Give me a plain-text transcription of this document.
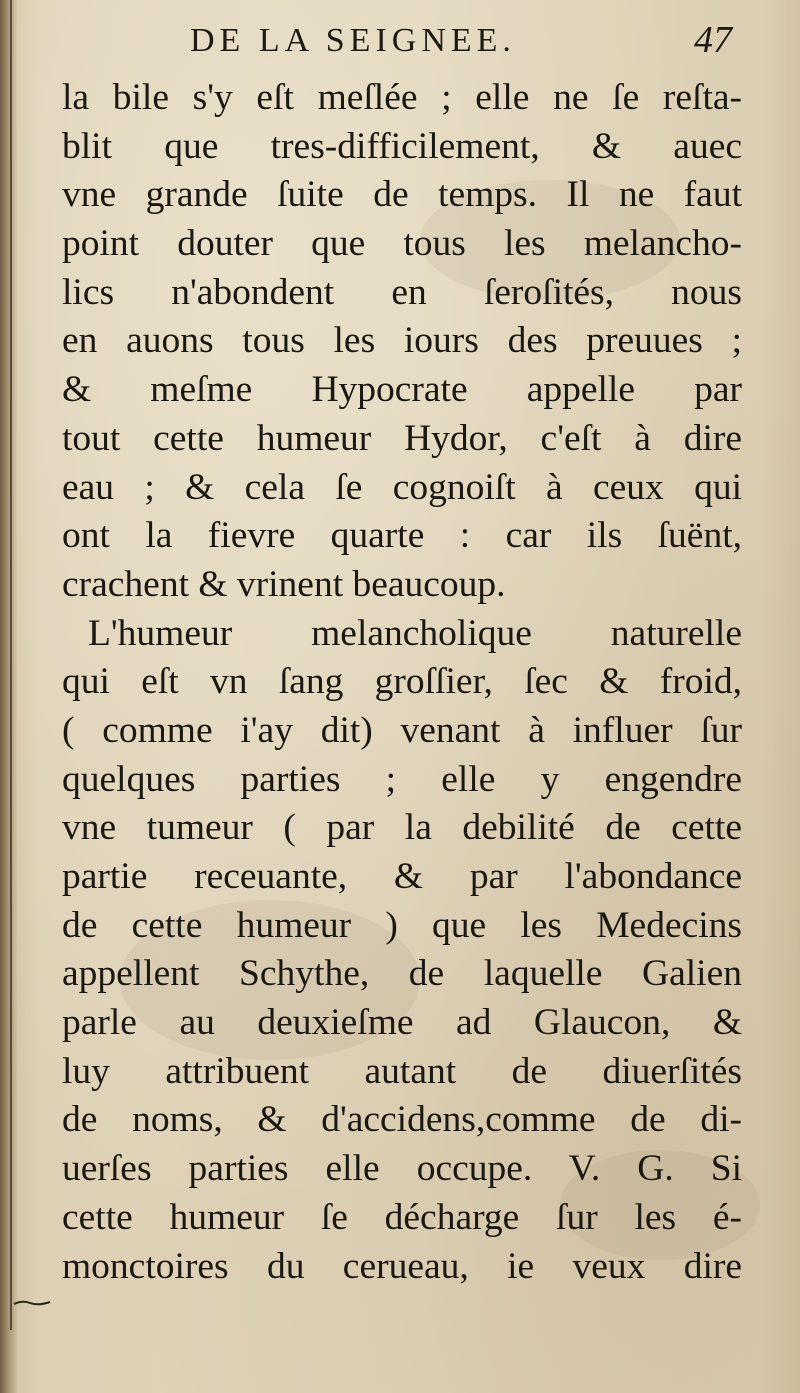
DE LA SEIGNEE.	47
la bile s'y eſt meſlée ; elle ne ſe reſta-
blit que tres-difficilement, & auec
vne grande ſuite de temps. Il ne faut
point douter que tous les melancho-
lics n'abondent en ſeroſités, nous
en auons tous les iours des preuues ;
& meſme Hypocrate appelle par
tout cette humeur Hydor, c'eſt à dire
eau ; & cela ſe cognoiſt à ceux qui
ont la fievre quarte : car ils ſuënt,
crachent & vrinent beaucoup.
L'humeur melancholique naturelle
qui eſt vn ſang groſſier, ſec & froid,
( comme i'ay dit) venant à influer ſur
quelques parties ; elle y engendre
vne tumeur ( par la debilité de cette
partie receuante, & par l'abondance
de cette humeur ) que les Medecins
appellent Schythe, de laquelle Galien
parle au deuxieſme ad Glaucon, &
luy attribuent autant de diuerſités
de noms, & d'accidens,comme de di-
uerſes parties elle occupe. V. G. Si
cette humeur ſe décharge ſur les é-
monctoires du cerueau, ie veux dire
